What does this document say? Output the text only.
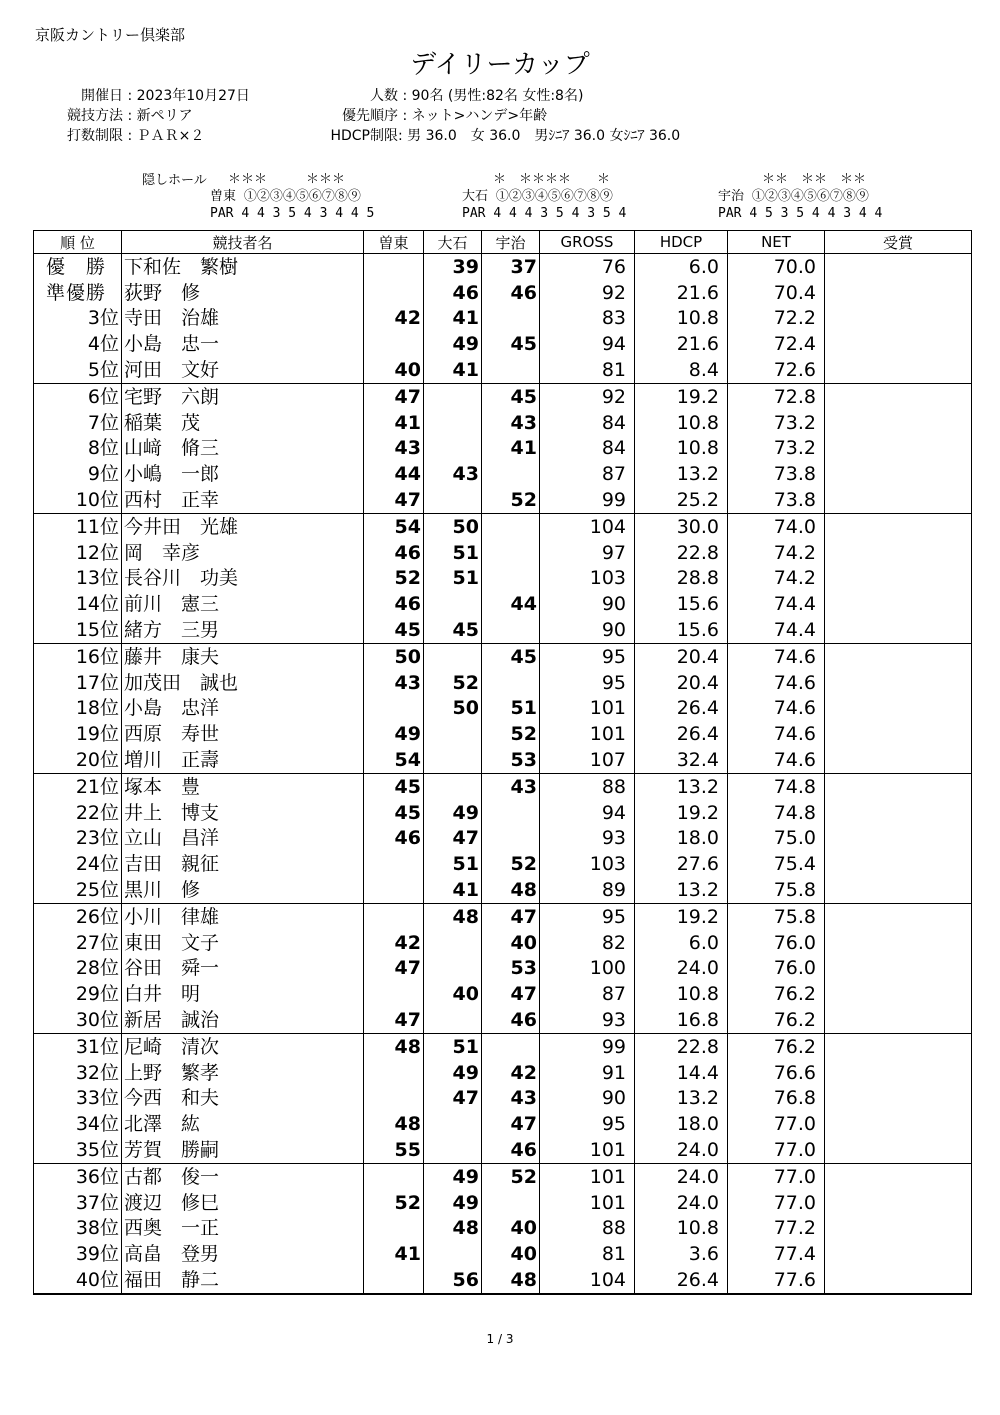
京阪カントリー倶楽部
デイリーカップ
開催日 : 2023年10月27日
競技方法 : 新ペリア
打数制限 : ＰＡＲ×２
人数 : 90名 (男性:82名 女性:8名)
優先順序 : ネット>ハンデ>年齢
HDCP制限: 男 36.0　女 36.0　男ｼﾆｱ 36.0 女ｼﾆｱ 36.0
隠しホール	＊＊＊　　　＊＊＊
曽東 ①②③④⑤⑥⑦⑧⑨
PAR 4 4 3 5 4 3 4 4 5
　＊　＊＊＊＊　　＊
大石 ①②③④⑤⑥⑦⑧⑨
PAR 4 4 4 3 5 4 3 5 4
　　＊＊　＊＊　＊＊
宇治 ①②③④⑤⑥⑦⑧⑨
PAR 4 5 3 5 4 4 3 4 4
順 位	競技者名	曽東	大石	宇治	GROSS	HDCP	NET	受賞
優　勝	下和佐　繁樹		39	37	76	6.0	70.0	
準優勝	荻野　修		46	46	92	21.6	70.4	
3位	寺田　治雄	42	41		83	10.8	72.2	
4位	小島　忠一		49	45	94	21.6	72.4	
5位	河田　文好	40	41		81	8.4	72.6	
6位	宅野　六朗	47		45	92	19.2	72.8	
7位	稲葉　茂	41		43	84	10.8	73.2	
8位	山﨑　脩三	43		41	84	10.8	73.2	
9位	小嶋　一郎	44	43		87	13.2	73.8	
10位	西村　正幸	47		52	99	25.2	73.8	
11位	今井田　光雄	54	50		104	30.0	74.0	
12位	岡　幸彦	46	51		97	22.8	74.2	
13位	長谷川　功美	52	51		103	28.8	74.2	
14位	前川　憲三	46		44	90	15.6	74.4	
15位	緒方　三男	45	45		90	15.6	74.4	
16位	藤井　康夫	50		45	95	20.4	74.6	
17位	加茂田　誠也	43	52		95	20.4	74.6	
18位	小島　忠洋		50	51	101	26.4	74.6	
19位	西原　寿世	49		52	101	26.4	74.6	
20位	増川　正壽	54		53	107	32.4	74.6	
21位	塚本　豊	45		43	88	13.2	74.8	
22位	井上　博支	45	49		94	19.2	74.8	
23位	立山　昌洋	46	47		93	18.0	75.0	
24位	吉田　親征		51	52	103	27.6	75.4	
25位	黒川　修		41	48	89	13.2	75.8	
26位	小川　律雄		48	47	95	19.2	75.8	
27位	東田　文子	42		40	82	6.0	76.0	
28位	谷田　舜一	47		53	100	24.0	76.0	
29位	白井　明		40	47	87	10.8	76.2	
30位	新居　誠治	47		46	93	16.8	76.2	
31位	尼崎　清次	48	51		99	22.8	76.2	
32位	上野　繁孝		49	42	91	14.4	76.6	
33位	今西　和夫		47	43	90	13.2	76.8	
34位	北澤　紘	48		47	95	18.0	77.0	
35位	芳賀　勝嗣	55		46	101	24.0	77.0	
36位	古都　俊一		49	52	101	24.0	77.0	
37位	渡辺　修巳	52	49		101	24.0	77.0	
38位	西奥　一正		48	40	88	10.8	77.2	
39位	高畠　登男	41		40	81	3.6	77.4	
40位	福田　静二		56	48	104	26.4	77.6	
1 / 3
